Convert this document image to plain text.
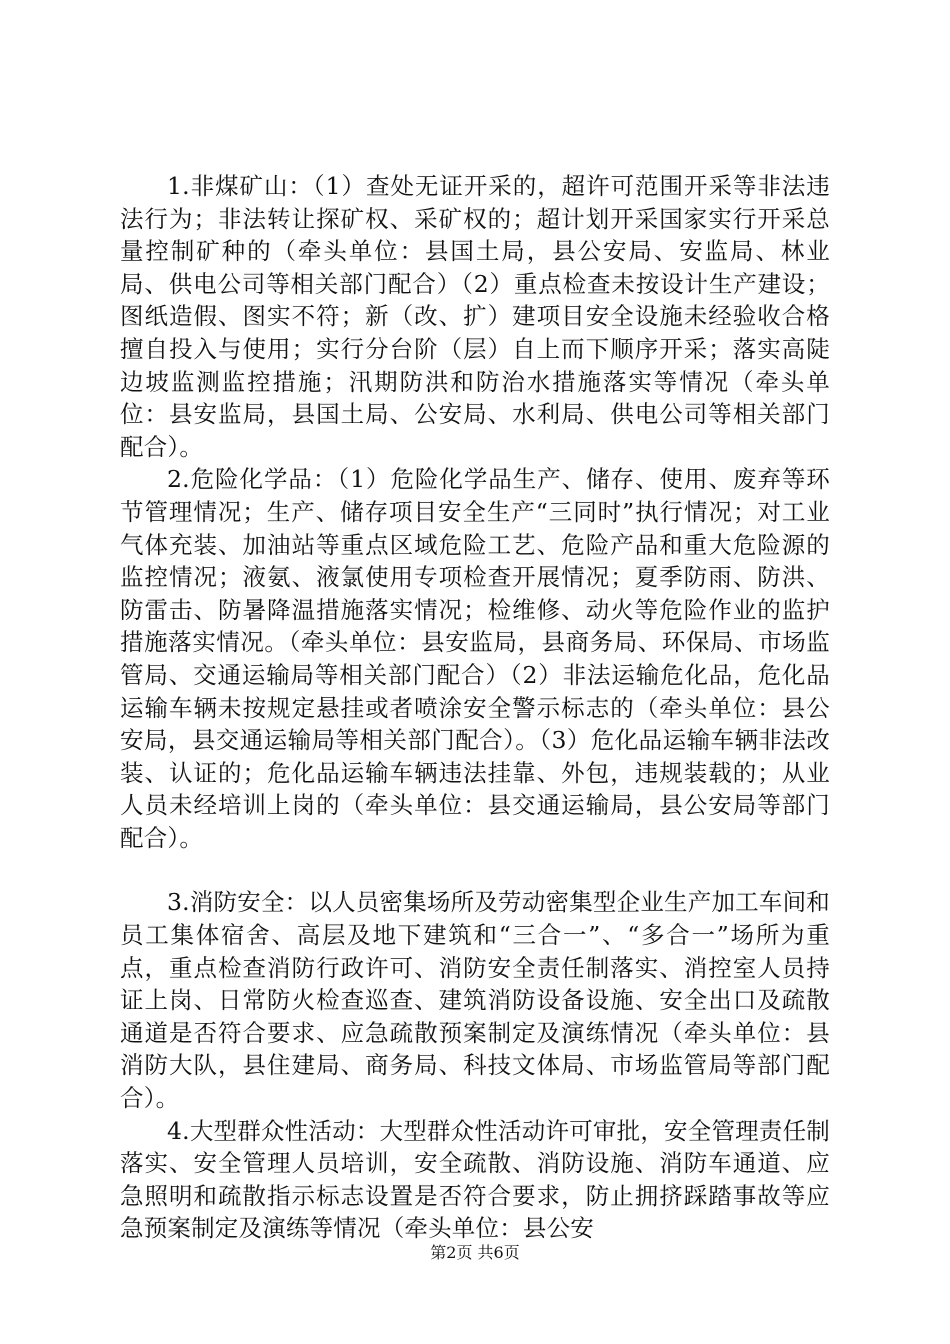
1.非煤矿山：（1）查处无证开采的，超许可范围开采等非法违法行为；非法转让探矿权、采矿权的；超计划开采国家实行开采总量控制矿种的（牵头单位：县国土局，县公安局、安监局、林业局、供电公司等相关部门配合）（2）重点检查未按设计生产建设；图纸造假、图实不符；新（改、扩）建项目安全设施未经验收合格擅自投入与使用；实行分台阶（层）自上而下顺序开采；落实高陡边坡监测监控措施；汛期防洪和防治水措施落实等情况（牵头单位：县安监局，县国土局、公安局、水利局、供电公司等相关部门配合）。

2.危险化学品：（1）危险化学品生产、储存、使用、废弃等环节管理情况；生产、储存项目安全生产“三同时”执行情况；对工业气体充装、加油站等重点区域危险工艺、危险产品和重大危险源的监控情况；液氨、液氯使用专项检查开展情况；夏季防雨、防洪、防雷击、防暑降温措施落实情况；检维修、动火等危险作业的监护措施落实情况。（牵头单位：县安监局，县商务局、环保局、市场监管局、交通运输局等相关部门配合）（2）非法运输危化品，危化品运输车辆未按规定悬挂或者喷涂安全警示标志的（牵头单位：县公安局，县交通运输局等相关部门配合）。（3）危化品运输车辆非法改装、认证的；危化品运输车辆违法挂靠、外包，违规装载的；从业人员未经培训上岗的（牵头单位：县交通运输局，县公安局等部门配合）。

3.消防安全：以人员密集场所及劳动密集型企业生产加工车间和员工集体宿舍、高层及地下建筑和“三合一”、“多合一”场所为重点，重点检查消防行政许可、消防安全责任制落实、消控室人员持证上岗、日常防火检查巡查、建筑消防设备设施、安全出口及疏散通道是否符合要求、应急疏散预案制定及演练情况（牵头单位：县消防大队，县住建局、商务局、科技文体局、市场监管局等部门配合）。

4.大型群众性活动：大型群众性活动许可审批，安全管理责任制落实、安全管理人员培训，安全疏散、消防设施、消防车通道、应急照明和疏散指示标志设置是否符合要求，防止拥挤踩踏事故等应急预案制定及演练等情况（牵头单位：县公安

第2页 共6页
